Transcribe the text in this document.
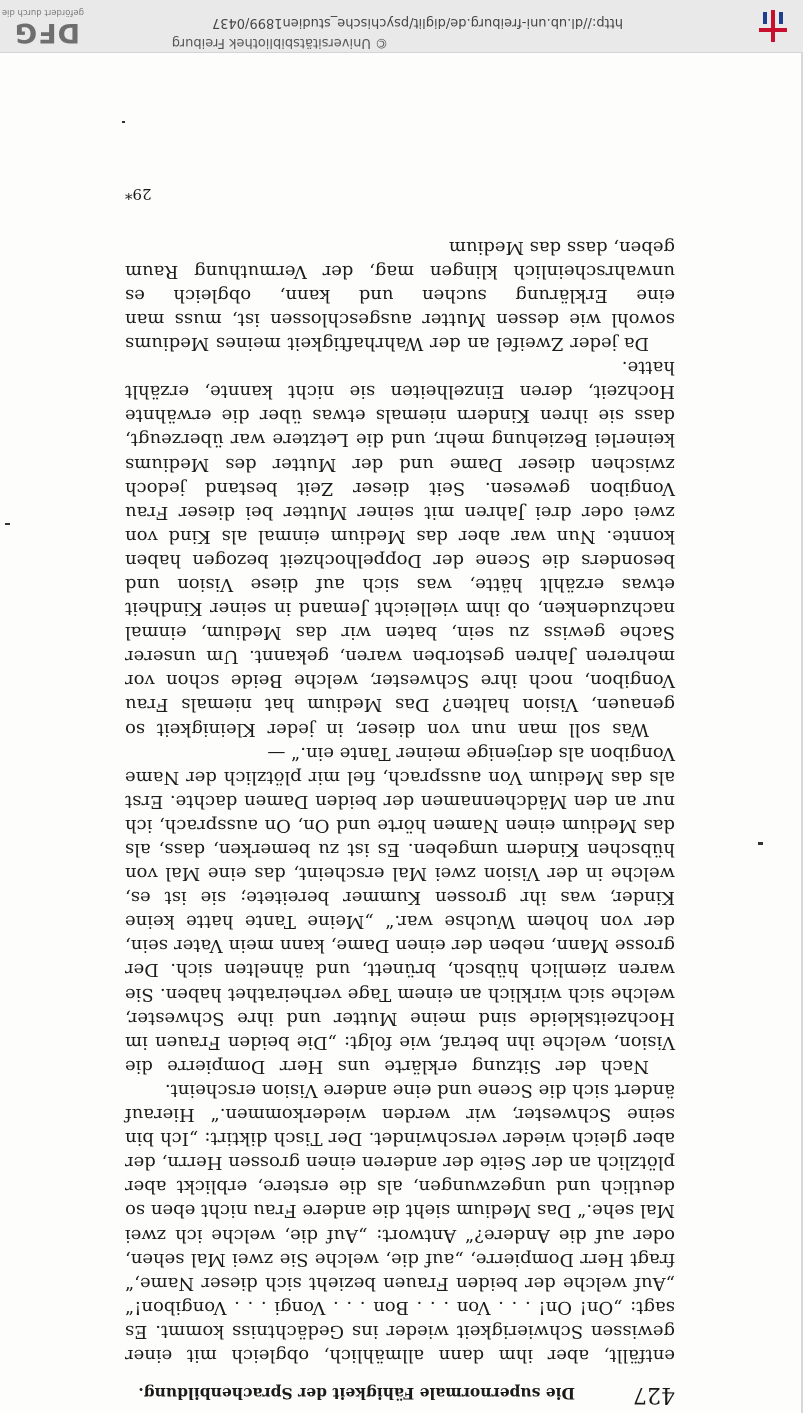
427
Die supernormale Fähigkeit der Sprachenbildung.

entfällt, aber ihm dann allmählich, obgleich mit einer gewissen Schwierigkeit wieder ins Gedächtniss kommt. Es sagt: „On! On! . . . Von . . . Bon . . . Vongi . . . Vongibon!“ „Auf welche der beiden Frauen bezieht sich dieser Name,“ fragt Herr Dompierre, „auf die, welche Sie zwei Mal sehen, oder auf die Andere?“ Antwort: „Auf die, welche ich zwei Mal sehe.“ Das Medium sieht die andere Frau nicht eben so deutlich und ungezwungen, als die erstere, erblickt aber plötzlich an der Seite der anderen einen grossen Herrn, der aber gleich wieder verschwindet. Der Tisch diktirt: „Ich bin seine Schwester, wir werden wiederkommen.“ Hierauf ändert sich die Scene und eine andere Vision erscheint.

Nach der Sitzung erklärte uns Herr Dompierre die Vision, welche ihn betraf, wie folgt: „Die beiden Frauen im Hochzeitskleide sind meine Mutter und ihre Schwester, welche sich wirklich an einem Tage verheirathet haben. Sie waren ziemlich hübsch, brünett, und ähnelten sich. Der grosse Mann, neben der einen Dame, kann mein Vater sein, der von hohem Wuchse war.“ „Meine Tante hatte keine Kinder, was ihr grossen Kummer bereitete; sie ist es, welche in der Vision zwei Mal erscheint, das eine Mal von hübschen Kindern umgeben. Es ist zu bemerken, dass, als das Medium einen Namen hörte und On, On aussprach, ich nur an den Mädchennamen der beiden Damen dachte. Erst als das Medium Von aussprach, fiel mir plötzlich der Name Vongibon als derjenige meiner Tante ein.“ —

Was soll man nun von dieser, in jeder Kleinigkeit so genauen, Vision halten? Das Medium hat niemals Frau Vongibon, noch ihre Schwester, welche Beide schon vor mehreren Jahren gestorben waren, gekannt. Um unserer Sache gewiss zu sein, baten wir das Medium, einmal nachzudenken, ob ihm vielleicht Jemand in seiner Kindheit etwas erzählt hätte, was sich auf diese Vision und besonders die Scene der Doppelhochzeit bezogen haben konnte. Nun war aber das Medium einmal als Kind von zwei oder drei Jahren mit seiner Mutter bei dieser Frau Vongibon gewesen. Seit dieser Zeit bestand jedoch zwischen dieser Dame und der Mutter des Mediums keinerlei Beziehung mehr, und die Letztere war überzeugt, dass sie ihren Kindern niemals etwas über die erwähnte Hochzeit, deren Einzelheiten sie nicht kannte, erzählt hatte.

Da jeder Zweifel an der Wahrhaftigkeit meines Mediums sowohl wie dessen Mutter ausgeschlossen ist, muss man eine Erklärung suchen und kann, obgleich es unwahrscheinlich klingen mag, der Vermuthung Raum geben, dass das Medium

29*
DFG
gefördert durch die
© Universitätsbibliothek Freiburg
http://dl.ub.uni-freiburg.de/diglit/psychische_studien1899/0437
